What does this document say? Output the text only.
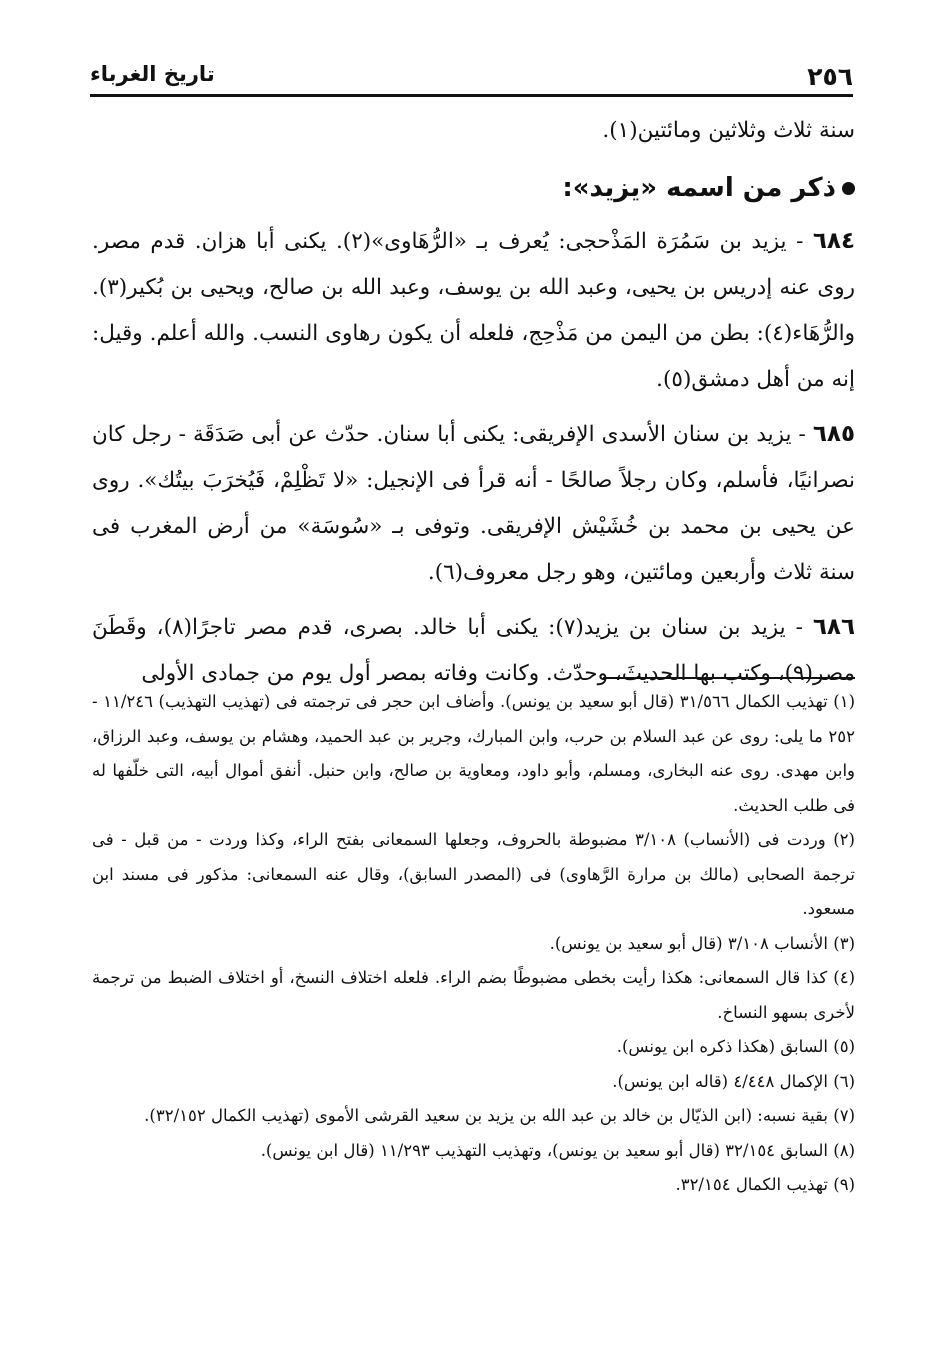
٢٥٦
تاريخ الغرباء

سنة ثلاث وثلاثين ومائتين(١).

ذكر من اسمه «يزيد»:

٦٨٤ - يزيد بن سَمُرَة المَذْحجى: يُعرف بـ «الرُّهَاوى»(٢). يكنى أبا هزان. قدم مصر. روى عنه إدريس بن يحيى، وعبد الله بن يوسف، وعبد الله بن صالح، ويحيى بن بُكير(٣). والرُّهَاء(٤): بطن من اليمن من مَذْحِج، فلعله أن يكون رهاوى النسب. والله أعلم. وقيل: إنه من أهل دمشق(٥).

٦٨٥ - يزيد بن سنان الأسدى الإفريقى: يكنى أبا سنان. حدّث عن أبى صَدَقَة - رجل كان نصرانيًا، فأسلم، وكان رجلاً صالحًا - أنه قرأ فى الإنجيل: «لا تَظْلِمْ، فَيُخرَبَ بيتُك». روى عن يحيى بن محمد بن خُشَيْش الإفريقى. وتوفى بـ «سُوسَة» من أرض المغرب فى سنة ثلاث وأربعين ومائتين، وهو رجل معروف(٦).

٦٨٦ - يزيد بن سنان بن يزيد(٧): يكنى أبا خالد. بصرى، قدم مصر تاجرًا(٨)، وقَطَنَ مصر(٩)، وكتب بها الحديثَ، وحدّث. وكانت وفاته بمصر أول يوم من جمادى الأولى

(١) تهذيب الكمال ٣١/٥٦٦ (قال أبو سعيد بن يونس). وأضاف ابن حجر فى ترجمته فى (تهذيب التهذيب) ١١/٢٤٦ - ٢٥٢ ما يلى: روى عن عبد السلام بن حرب، وابن المبارك، وجرير بن عبد الحميد، وهشام بن يوسف، وعبد الرزاق، وابن مهدى. روى عنه البخارى، ومسلم، وأبو داود، ومعاوية بن صالح، وابن حنبل. أنفق أموال أبيه، التى خلّفها له فى طلب الحديث.

(٢) وردت فى (الأنساب) ٣/١٠٨ مضبوطة بالحروف، وجعلها السمعانى بفتح الراء، وكذا وردت - من قبل - فى ترجمة الصحابى (مالك بن مرارة الرَّهاوى) فى (المصدر السابق)، وقال عنه السمعانى: مذكور فى مسند ابن مسعود.

(٣) الأنساب ٣/١٠٨ (قال أبو سعيد بن يونس).

(٤) كذا قال السمعانى: هكذا رأيت بخطى مضبوطًا بضم الراء. فلعله اختلاف النسخ، أو اختلاف الضبط من ترجمة لأخرى بسهو النساخ.

(٥) السابق (هكذا ذكره ابن يونس).

(٦) الإكمال ٤/٤٤٨ (قاله ابن يونس).

(٧) بقية نسبه: (ابن الذيّال بن خالد بن عبد الله بن يزيد بن سعيد القرشى الأموى (تهذيب الكمال ٣٢/١٥٢).

(٨) السابق ٣٢/١٥٤ (قال أبو سعيد بن يونس)، وتهذيب التهذيب ١١/٢٩٣ (قال ابن يونس).

(٩) تهذيب الكمال ٣٢/١٥٤.
